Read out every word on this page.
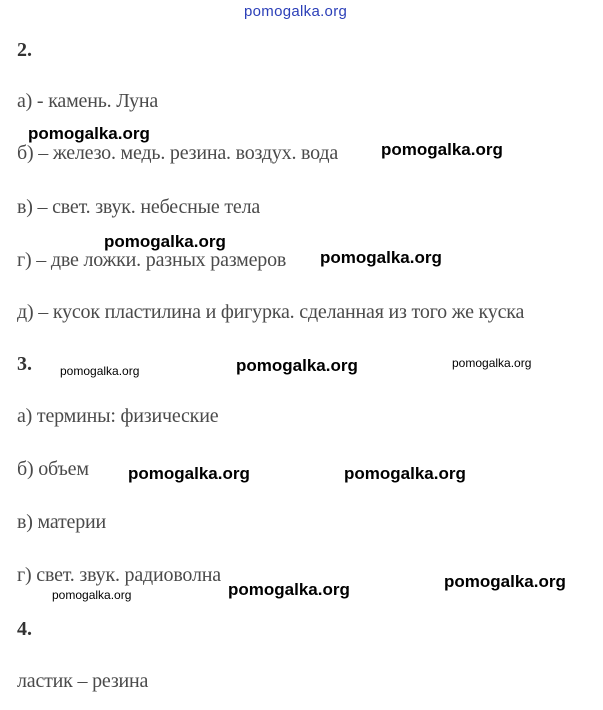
pomogalka.org
2.
а) - камень. Луна
б) – железо. медь. резина. воздух. вода
в) – свет. звук. небесные тела
г) – две ложки. разных размеров
д) – кусок пластилина и фигурка. сделанная из того же куска
3.
а) термины: физические
б) объем
в) материи
г) свет. звук. радиоволна
4.
ластик – резина
pomogalka.org
pomogalka.org
pomogalka.org
pomogalka.org
pomogalka.org	pomogalka.org	pomogalka.org
pomogalka.org	pomogalka.org
pomogalka.org	pomogalka.org	pomogalka.org
